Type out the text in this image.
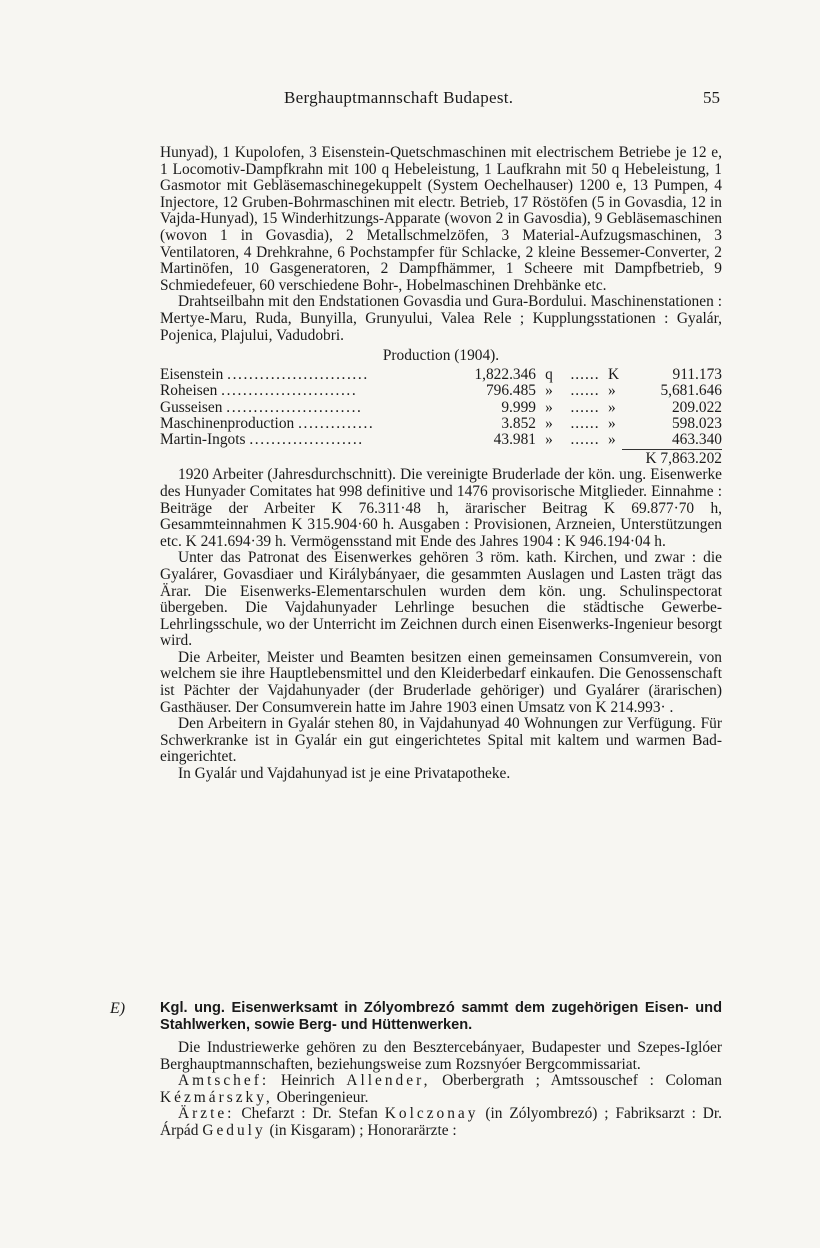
Berghauptmannschaft Budapest.	55

Hunyad), 1 Kupolofen, 3 Eisenstein-Quetschmaschinen mit electrischem Betriebe je 12 e, 1 Locomotiv-Dampfkrahn mit 100 q Hebeleistung, 1 Laufkrahn mit 50 q Hebeleistung, 1 Gasmotor mit Gebläsemaschinegekuppelt (System Oechelhauser) 1200 e, 13 Pumpen, 4 Injectore, 12 Gruben-Bohrmaschinen mit electr. Betrieb, 17 Röstöfen (5 in Govasdia, 12 in Vajda-Hunyad), 15 Winderhitzungs-Apparate (wovon 2 in Gavosdia), 9 Gebläsemaschinen (wovon 1 in Govasdia), 2 Metallschmelzöfen, 3 Material-Aufzugsmaschinen, 3 Ventilatoren, 4 Drehkrahne, 6 Pochstampfer für Schlacke, 2 kleine Bessemer-Converter, 2 Martinöfen, 10 Gasgeneratoren, 2 Dampfhämmer, 1 Scheere mit Dampfbetrieb, 9 Schmiedefeuer, 60 verschiedene Bohr-, Hobelmaschinen Drehbänke etc.

Drahtseilbahn mit den Endstationen Govasdia und Gura-Bordului. Maschinenstationen : Mertye-Maru, Ruda, Bunyilla, Grunyului, Valea Rele ; Kupplungsstationen : Gyalár, Pojenica, Plajului, Vadudobri.

Production (1904).
Eisenstein ..........................	1,822.346	q	......	K	911.173
Roheisen .........................	796.485	»	......	»	5,681.646
Gusseisen .........................	9.999	»	......	»	209.022
Maschinenproduction ..............	3.852	»	......	»	598.023
Martin-Ingots .....................	43.981	»	......	»	463.340
K 7,863.202

1920 Arbeiter (Jahresdurchschnitt). Die vereinigte Bruderlade der kön. ung. Eisenwerke des Hunyader Comitates hat 998 definitive und 1476 provisorische Mitglieder. Einnahme : Beiträge der Arbeiter K 76.311·48 h, ärarischer Beitrag K 69.877·70 h, Gesammteinnahmen K 315.904·60 h. Ausgaben : Provisionen, Arzneien, Unterstützungen etc. K 241.694·39 h. Vermögensstand mit Ende des Jahres 1904 : K 946.194·04 h.

Unter das Patronat des Eisenwerkes gehören 3 röm. kath. Kirchen, und zwar : die Gyalárer, Govasdiaer und Királybányaer, die gesammten Auslagen und Lasten trägt das Ärar. Die Eisenwerks-Elementarschulen wurden dem kön. ung. Schulinspectorat übergeben. Die Vajdahunyader Lehrlinge besuchen die städtische Gewerbe-Lehrlingsschule, wo der Unterricht im Zeichnen durch einen Eisenwerks-Ingenieur besorgt wird.

Die Arbeiter, Meister und Beamten besitzen einen gemeinsamen Consumverein, von welchem sie ihre Hauptlebensmittel und den Kleiderbedarf einkaufen. Die Genossenschaft ist Pächter der Vajdahunyader (der Bruderlade gehöriger) und Gyalárer (ärarischen) Gasthäuser. Der Consumverein hatte im Jahre 1903 einen Umsatz von K 214.993· .

Den Arbeitern in Gyalár stehen 80, in Vajdahunyad 40 Wohnungen zur Verfügung. Für Schwerkranke ist in Gyalár ein gut eingerichtetes Spital mit kaltem und warmen Bad-eingerichtet.

In Gyalár und Vajdahunyad ist je eine Privatapotheke.

E) Kgl. ung. Eisenwerksamt in Zólyombrezó sammt dem zugehörigen Eisen- und Stahlwerken, sowie Berg- und Hüttenwerken.

Die Industriewerke gehören zu den Besztercebányaer, Budapester und Szepes-Iglóer Berghauptmannschaften, beziehungsweise zum Rozsnyóer Bergcommissariat.

Amtschef: Heinrich Allender, Oberbergrath ; Amtssouschef : Coloman Kézmárszky, Oberingenieur.

Ärzte: Chefarzt : Dr. Stefan Kolczonay (in Zólyombrezó) ; Fabriksarzt : Dr. Árpád Gedulу (in Kisgaram) ; Honorarärzte :
